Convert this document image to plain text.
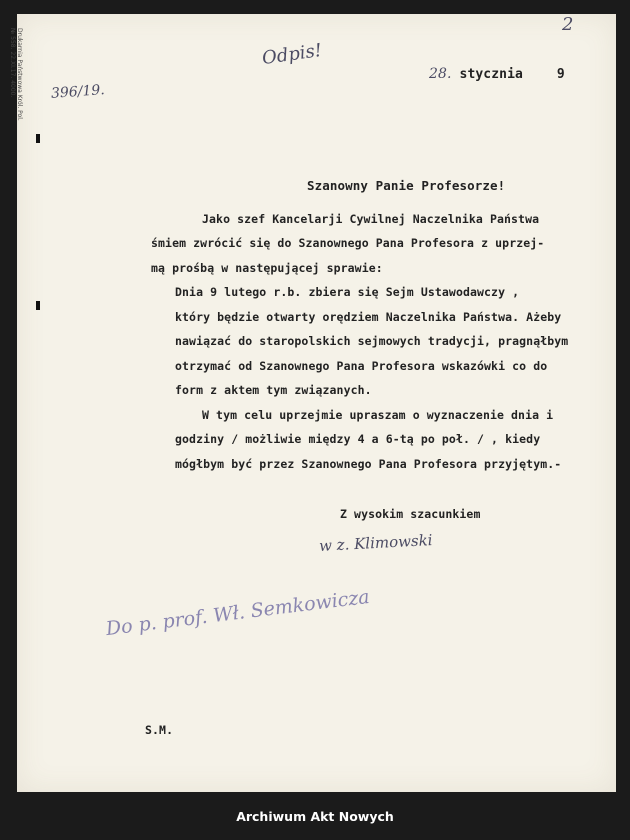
Drukarnia Państwowa Król. Pol.
№ 558. 22.XI.17. 4000.	Odpis!
2
396/19.
28. stycznia	9
Szanowny Panie Profesorze!
Jako szef Kancelarji Cywilnej Naczelnika Państwa
śmiem zwrócić się do Szanownego Pana Profesora z uprzej-
mą prośbą w następującej sprawie:
Dnia 9 lutego r.b. zbiera się Sejm Ustawodawczy ,
który będzie otwarty orędziem Naczelnika Państwa. Ażeby
nawiązać do staropolskich sejmowych tradycji, pragnąłbym
otrzymać od Szanownego Pana Profesora wskazówki co do
form z aktem tym związanych.
W tym celu uprzejmie upraszam o wyznaczenie dnia i
godziny / możliwie między 4 a 6-tą po poł. / , kiedy
mógłbym być przez Szanownego Pana Profesora przyjętym.-
Z wysokim szacunkiem
w z. Klimowski
Do p. prof. Wł. Semkowicza
S.M.
Archiwum Akt Nowych
